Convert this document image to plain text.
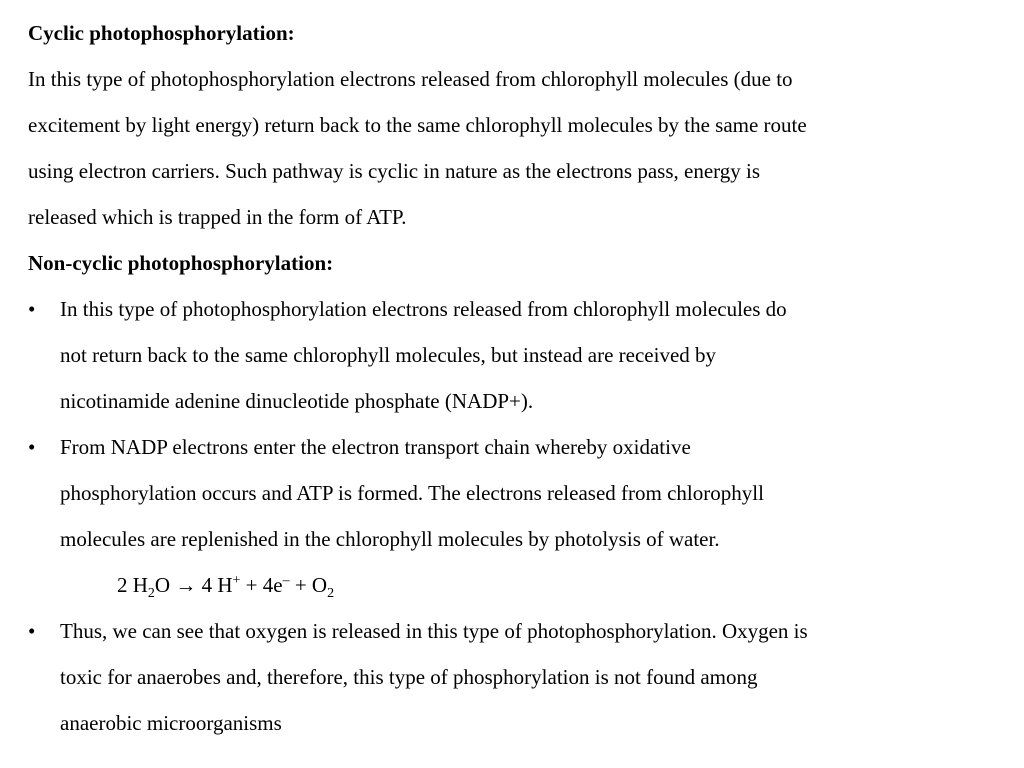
Cyclic photophosphorylation:
In this type of photophosphorylation electrons released from chlorophyll molecules (due to
excitement by light energy) return back to the same chlorophyll molecules by the same route
using electron carriers. Such pathway is cyclic in nature as the electrons pass, energy is
released which is trapped in the form of ATP.
Non-cyclic photophosphorylation:
• In this type of photophosphorylation electrons released from chlorophyll molecules do
not return back to the same chlorophyll molecules, but instead are received by
nicotinamide adenine dinucleotide phosphate (NADP+).
• From NADP electrons enter the electron transport chain whereby oxidative
phosphorylation occurs and ATP is formed. The electrons released from chlorophyll
molecules are replenished in the chlorophyll molecules by photolysis of water.
2 $H_2O \to 4$ $H^+ + 4e^- + O_2$
• Thus, we can see that oxygen is released in this type of photophosphorylation. Oxygen is
toxic for anaerobes and, therefore, this type of phosphorylation is not found among
anaerobic microorganisms
